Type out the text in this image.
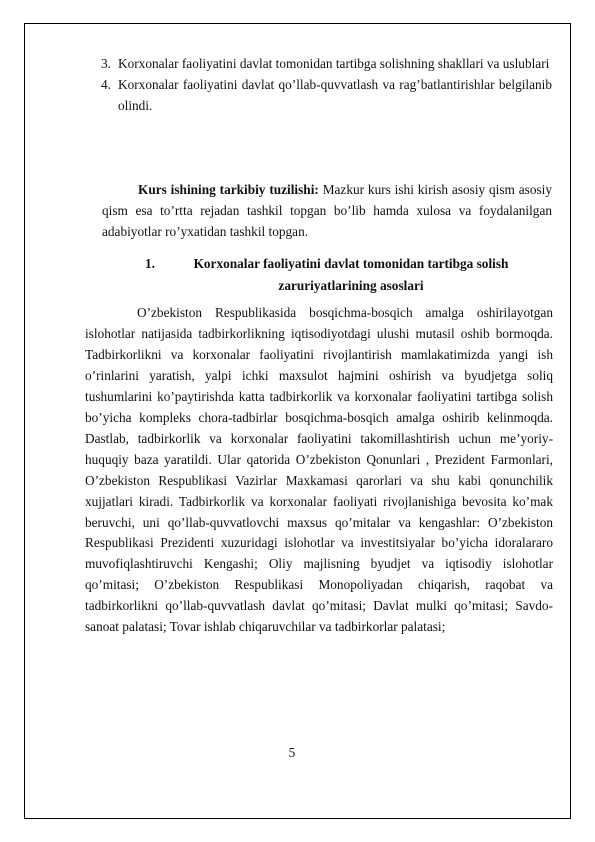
3. Korxonalar faoliyatini davlat tomonidan tartibga solishning shakllari va uslublari
4. Korxonalar faoliyatini davlat qo’llab-quvvatlash va rag’batlantirishlar belgilanib olindi.
Kurs ishining tarkibiy tuzilishi: Mazkur kurs ishi kirish asosiy qism asosiy qism esa to’rtta rejadan tashkil topgan bo’lib hamda xulosa va foydalanilgan adabiyotlar ro’yxatidan tashkil topgan.
1.	Korxonalar faoliyatini davlat tomonidan tartibga solish zaruriyatlarining asoslari
O’zbekiston Respublikasida bosqichma-bosqich amalga oshirilayotgan islohotlar natijasida tadbirkorlikning iqtisodiyotdagi ulushi mutasil oshib bormoqda. Tadbirkorlikni va korxonalar faoliyatini rivojlantirish mamlakatimizda yangi ish o’rinlarini yaratish, yalpi ichki maxsulot hajmini oshirish va byudjetga soliq tushumlarini ko’paytirishda katta tadbirkorlik va korxonalar faoliyatini tartibga solish bo’yicha kompleks chora-tadbirlar bosqichma-bosqich amalga oshirib kelinmoqda. Dastlab, tadbirkorlik va korxonalar faoliyatini takomillashtirish uchun me’yoriy-huquqiy baza yaratildi. Ular qatorida O’zbekiston Qonunlari , Prezident Farmonlari, O’zbekiston Respublikasi Vazirlar Maxkamasi qarorlari va shu kabi qonunchilik xujjatlari kiradi. Tadbirkorlik va korxonalar faoliyati rivojlanishiga bevosita ko’mak beruvchi, uni qo’llab-quvvatlovchi maxsus qo’mitalar va kengashlar: O’zbekiston Respublikasi Prezidenti xuzuridagi islohotlar va investitsiyalar bo’yicha idoralararo muvofiqlashtiruvchi Kengashi; Oliy majlisning byudjet va iqtisodiy islohotlar qo’mitasi; O’zbekiston Respublikasi Monopoliyadan chiqarish, raqobat va tadbirkorlikni qo’llab-quvvatlash davlat qo’mitasi; Davlat mulki qo’mitasi; Savdo-sanoat palatasi; Tovar ishlab chiqaruvchilar va tadbirkorlar palatasi;
5
